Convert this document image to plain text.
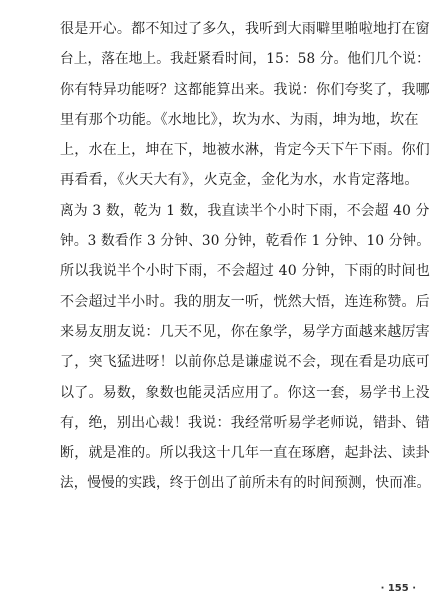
很是开心。都不知过了多久，我听到大雨噼里啪啦地打在窗
台上，落在地上。我赶紧看时间，15：58 分。他们几个说：
你有特异功能呀？这都能算出来。我说：你们夸奖了，我哪
里有那个功能。《水地比》，坎为水、为雨，坤为地，坎在
上，水在上，坤在下，地被水淋，肯定今天下午下雨。你们
再看看，《火天大有》，火克金，金化为水，水肯定落地。
离为 3 数，乾为 1 数，我直读半个小时下雨，不会超 40 分
钟。3 数看作 3 分钟、30 分钟，乾看作 1 分钟、10 分钟。
所以我说半个小时下雨，不会超过 40 分钟，下雨的时间也
不会超过半小时。我的朋友一听，恍然大悟，连连称赞。后
来易友朋友说：几天不见，你在象学，易学方面越来越厉害
了，突飞猛进呀！以前你总是谦虚说不会，现在看是功底可
以了。易数，象数也能灵活应用了。你这一套，易学书上没
有，绝，别出心裁！我说：我经常听易学老师说，错卦、错
断，就是准的。所以我这十几年一直在琢磨，起卦法、读卦
法，慢慢的实践，终于创出了前所未有的时间预测，快而准。
· 155 ·
